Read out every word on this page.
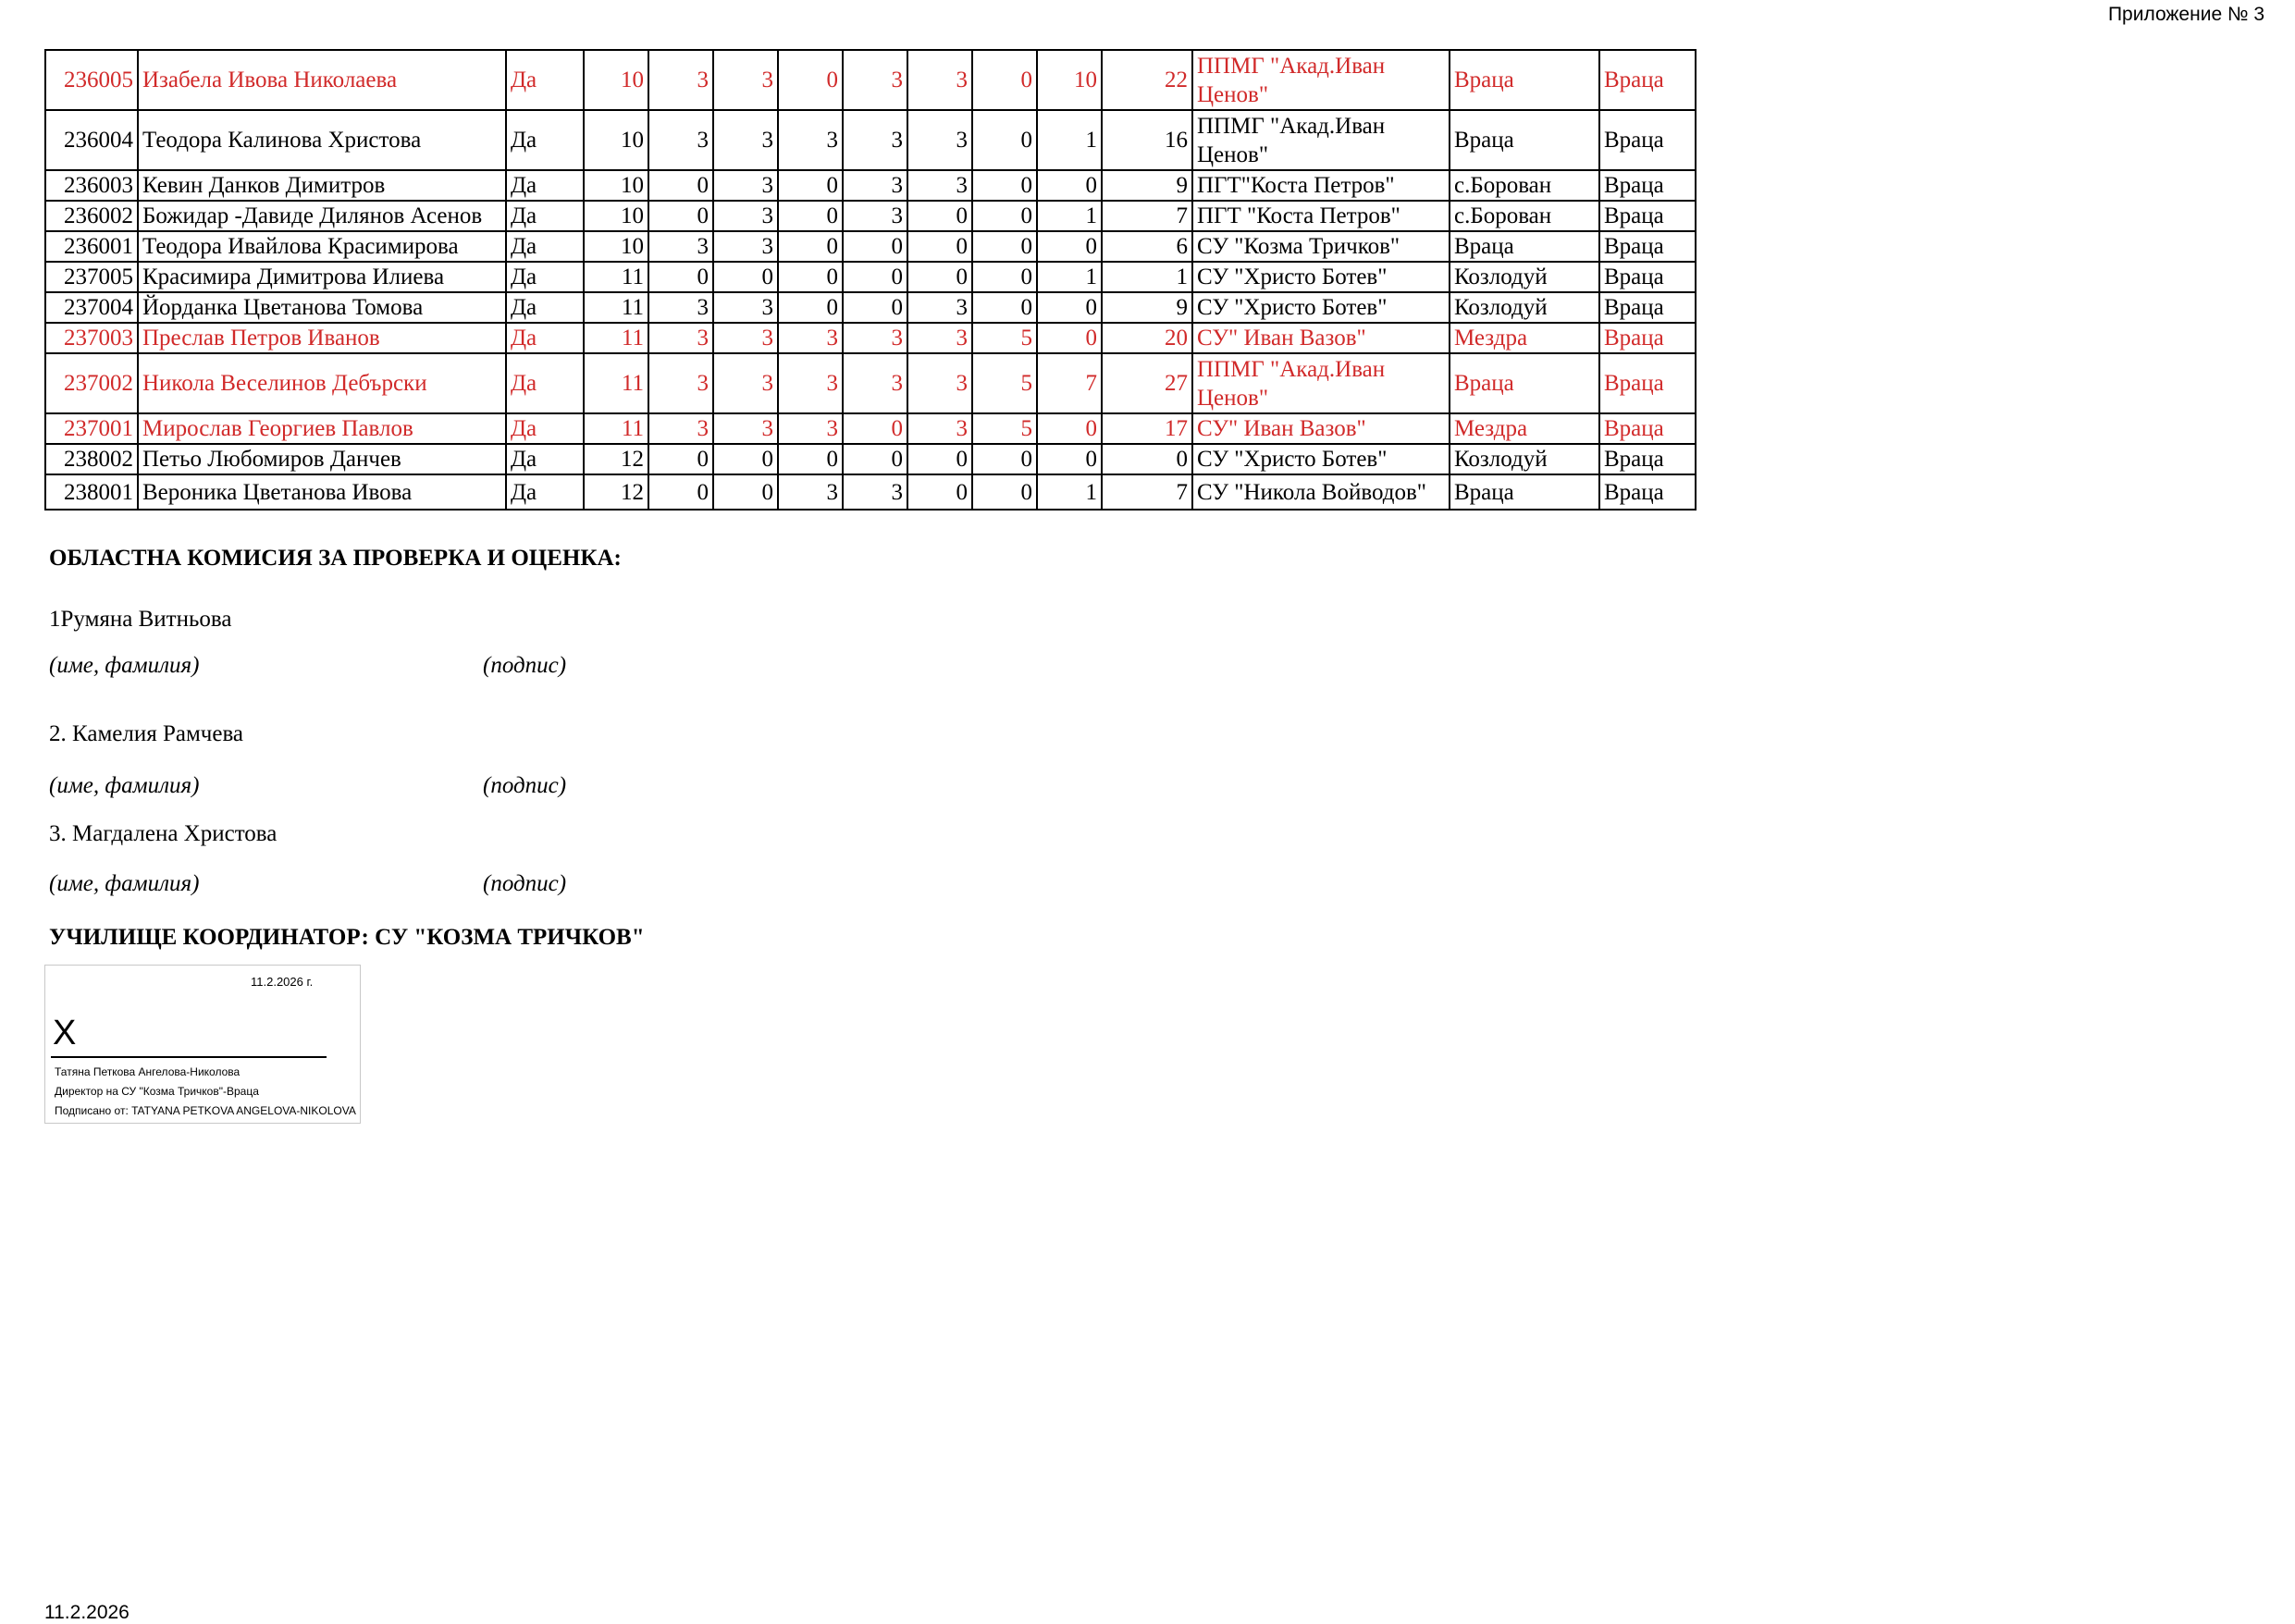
Приложение № 3
236005	Изабела Ивова Николаева	Да	10	3	3	0	3	3	0	10	22	ППМГ "Акад.Иван Ценов"	Враца	Враца
236004	Теодора Калинова Христова	Да	10	3	3	3	3	3	0	1	16	ППМГ "Акад.Иван Ценов"	Враца	Враца
236003	Кевин Данков Димитров	Да	10	0	3	0	3	3	0	0	9	ПГТ"Коста Петров"	с.Борован	Враца
236002	Божидар -Давиде Дилянов Асенов	Да	10	0	3	0	3	0	0	1	7	ПГТ "Коста Петров"	с.Борован	Враца
236001	Теодора Ивайлова Красимирова	Да	10	3	3	0	0	0	0	0	6	СУ "Козма Тричков"	Враца	Враца
237005	Красимира Димитрова Илиева	Да	11	0	0	0	0	0	0	1	1	СУ "Христо Ботев"	Козлодуй	Враца
237004	Йорданка Цветанова Томова	Да	11	3	3	0	0	3	0	0	9	СУ "Христо Ботев"	Козлодуй	Враца
237003	Преслав Петров Иванов	Да	11	3	3	3	3	3	5	0	20	СУ" Иван Вазов"	Мездра	Враца
237002	Никола Веселинов Дебърски	Да	11	3	3	3	3	3	5	7	27	ППМГ "Акад.Иван Ценов"	Враца	Враца
237001	Мирослав Георгиев Павлов	Да	11	3	3	3	0	3	5	0	17	СУ" Иван Вазов"	Мездра	Враца
238002	Петьо Любомиров Данчев	Да	12	0	0	0	0	0	0	0	0	СУ "Христо Ботев"	Козлодуй	Враца
238001	Вероника Цветанова Ивова	Да	12	0	0	3	3	0	0	1	7	СУ "Никола Войводов"	Враца	Враца
ОБЛАСТНА КОМИСИЯ ЗА ПРОВЕРКА И ОЦЕНКА:
1Румяна Витньова
(име, фамилия)	(подпис)
2. Камелия Рамчева
(име, фамилия)	(подпис)
3. Магдалена Христова
(име, фамилия)	(подпис)
УЧИЛИЩЕ КООРДИНАТОР: СУ "КОЗМА ТРИЧКОВ"
11.2.2026 г.
X
Татяна Петкова Ангелова-Николова
Директор на СУ "Козма Тричков"-Враца
Подписано от: TATYANA PETKOVA ANGELOVA-NIKOLOVA
11.2.2026
